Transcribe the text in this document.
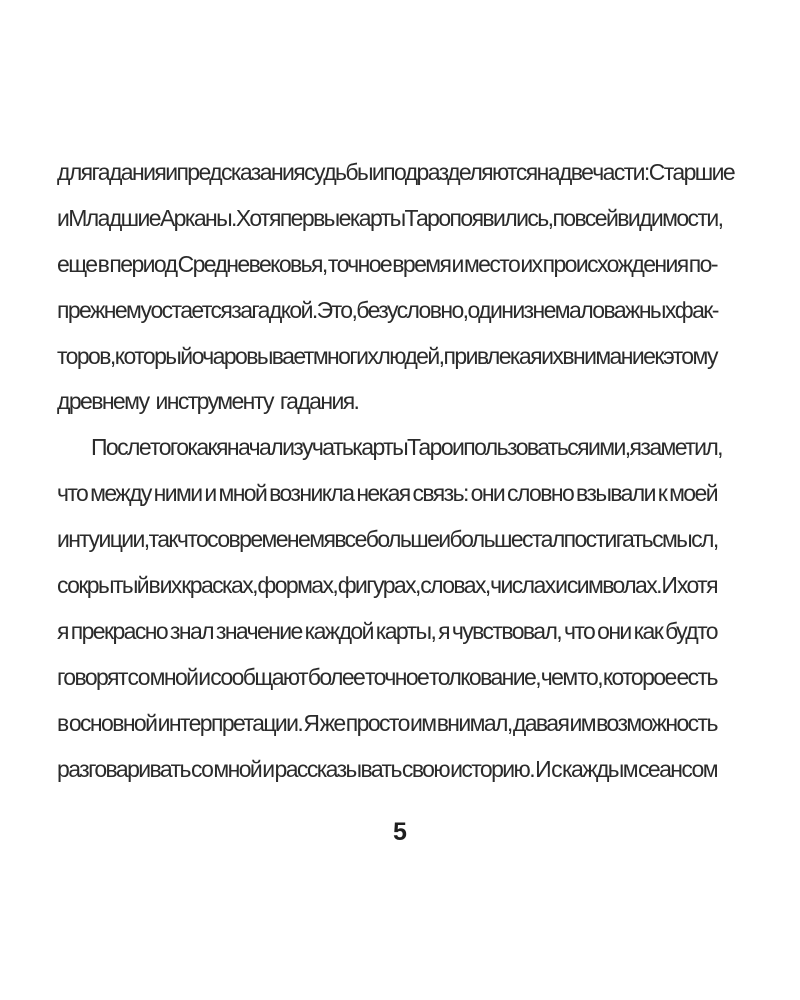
для гадания и предсказания судьбы и подразделяются на две части: Старшие
и Младшие Арканы. Хотя первые карты Таро появились, по всей видимости,
еще в период Средневековья, точное время и место их происхождения по-
прежнему остается загадкой. Это, безусловно, один из немаловажных фак-
торов, который очаровывает многих людей, привлекая их внимание к этому
древнему инструменту гадания.
После того как я начал изучать карты Таро и пользоваться ими, я заметил,
что между ними и мной возникла некая связь: они словно взывали к моей
интуиции, так что со временем я все больше и больше стал постигать смысл,
сокрытый в их красках, формах, фигурах, словах, числах и символах. И хотя
я прекрасно знал значение каждой карты, я чувствовал, что они как будто
говорят со мной и сообщают более точное толкование, чем то, которое есть
в основной интерпретации. Я же просто им внимал, давая им возможность
разговаривать со мной и рассказывать свою историю. И с каждым сеансом
5
